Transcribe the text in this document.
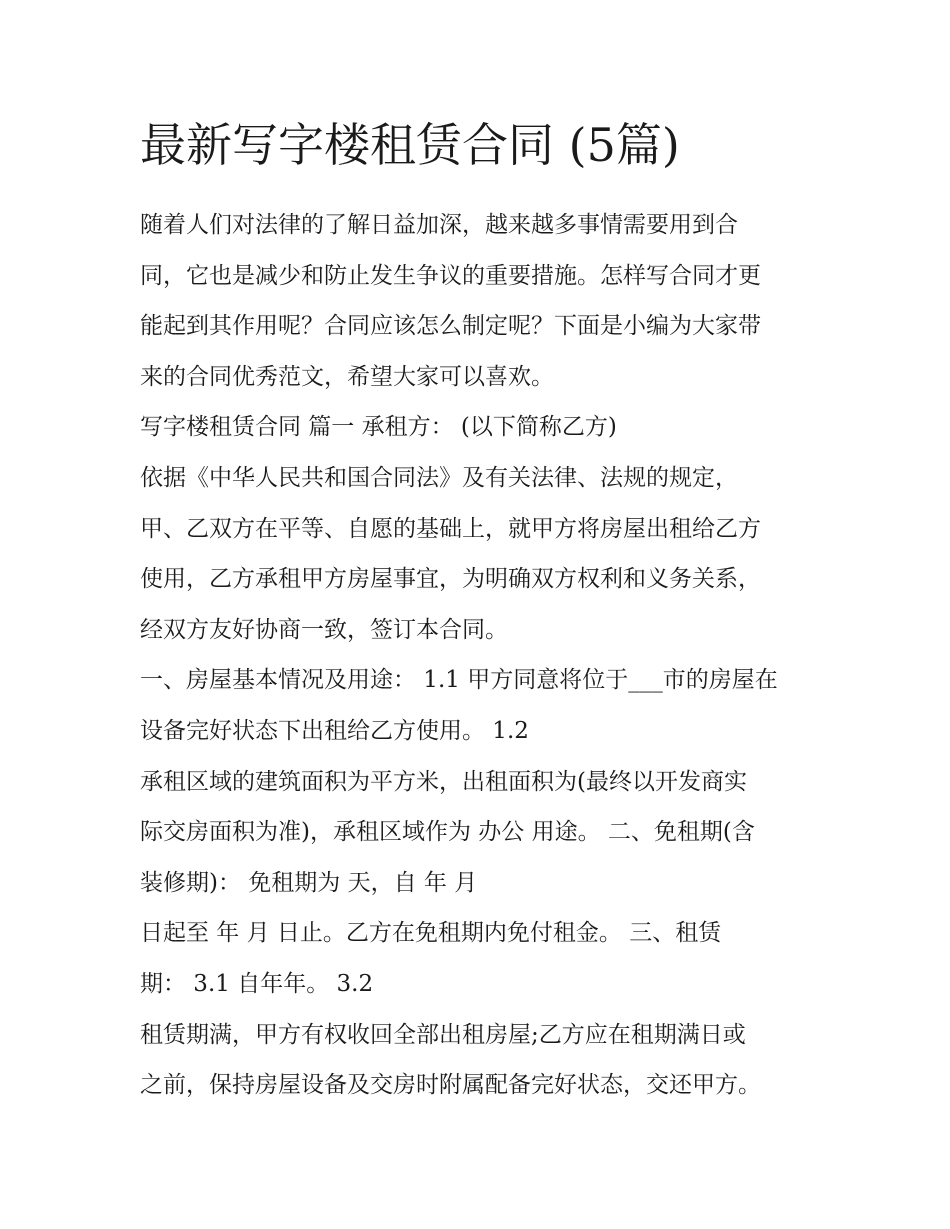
最新写字楼租赁合同 (5篇)

随着人们对法律的了解日益加深，越来越多事情需要用到合

同，它也是减少和防止发生争议的重要措施。怎样写合同才更

能起到其作用呢？合同应该怎么制定呢？下面是小编为大家带

来的合同优秀范文，希望大家可以喜欢。

写字楼租赁合同 篇一 承租方： (以下简称乙方)

依据《中华人民共和国合同法》及有关法律、法规的规定，

甲、乙双方在平等、自愿的基础上，就甲方将房屋出租给乙方

使用，乙方承租甲方房屋事宜，为明确双方权利和义务关系，

经双方友好协商一致，签订本合同。

一、房屋基本情况及用途： 1.1 甲方同意将位于___市的房屋在

设备完好状态下出租给乙方使用。 1.2

承租区域的建筑面积为平方米，出租面积为(最终以开发商实

际交房面积为准)，承租区域作为 办公 用途。 二、免租期(含

装修期)： 免租期为 天，自 年 月

日起至 年 月 日止。乙方在免租期内免付租金。 三、租赁

期： 3.1 自年年。 3.2

租赁期满，甲方有权收回全部出租房屋;乙方应在租期满日或

之前，保持房屋设备及交房时附属配备完好状态，交还甲方。
